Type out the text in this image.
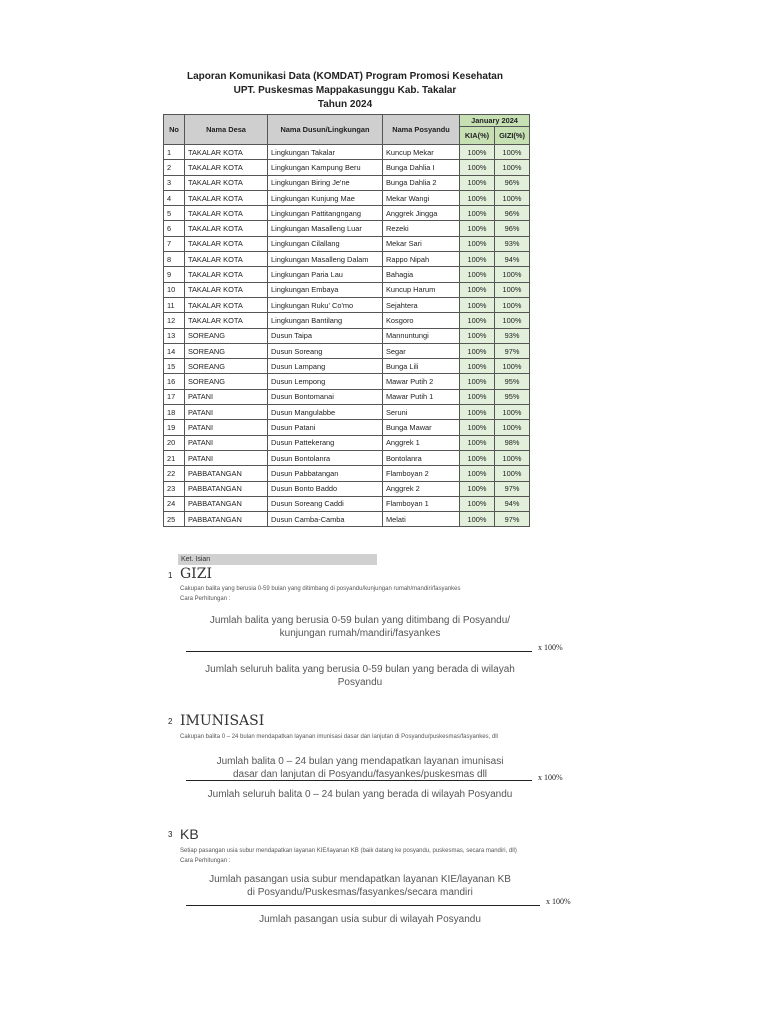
Laporan Komunikasi Data (KOMDAT) Program Promosi Kesehatan
UPT. Puskesmas Mappakasunggu Kab. Takalar
Tahun 2024
No	Nama Desa	Nama Dusun/Lingkungan	Nama Posyandu	January 2024	
				KIA(%)	GIZI(%)
1	TAKALAR KOTA	Lingkungan Takalar	Kuncup Mekar	100%	100%
2	TAKALAR KOTA	Lingkungan Kampung Beru	Bunga Dahlia I	100%	100%
3	TAKALAR KOTA	Lingkungan Biring Je'ne	Bunga Dahlia 2	100%	96%
4	TAKALAR KOTA	Lingkungan Kunjung Mae	Mekar Wangi	100%	100%
5	TAKALAR KOTA	Lingkungan Pattitangngang	Anggrek Jingga	100%	96%
6	TAKALAR KOTA	Lingkungan Masalleng Luar	Rezeki	100%	96%
7	TAKALAR KOTA	Lingkungan Cilallang	Mekar Sari	100%	93%
8	TAKALAR KOTA	Lingkungan Masalleng Dalam	Rappo Nipah	100%	94%
9	TAKALAR KOTA	Lingkungan Paria Lau	Bahagia	100%	100%
10	TAKALAR KOTA	Lingkungan Embaya	Kuncup Harum	100%	100%
11	TAKALAR KOTA	Lingkungan Ruku' Co'mo	Sejahtera	100%	100%
12	TAKALAR KOTA	Lingkungan Bantilang	Kosgoro	100%	100%
13	SOREANG	Dusun Taipa	Mannuntungi	100%	93%
14	SOREANG	Dusun Soreang	Segar	100%	97%
15	SOREANG	Dusun Lampang	Bunga Lili	100%	100%
16	SOREANG	Dusun Lempong	Mawar Putih 2	100%	95%
17	PATANI	Dusun Bontomanai	Mawar Putih 1	100%	95%
18	PATANI	Dusun Mangulabbe	Seruni	100%	100%
19	PATANI	Dusun Patani	Bunga Mawar	100%	100%
20	PATANI	Dusun Pattekerang	Anggrek 1	100%	98%
21	PATANI	Dusun Bontolanra	Bontolanra	100%	100%
22	PABBATANGAN	Dusun Pabbatangan	Flamboyan 2	100%	100%
23	PABBATANGAN	Dusun Bonto Baddo	Anggrek 2	100%	97%
24	PABBATANGAN	Dusun Soreang Caddi	Flamboyan 1	100%	94%
25	PABBATANGAN	Dusun Camba-Camba	Melati	100%	97%
Ket. Isian
1 GIZI
Cakupan balita yang berusia 0-59 bulan yang ditimbang di posyandu/kunjungan rumah/mandiri/fasyankes
Cara Perhitungan :
Jumlah balita yang berusia 0-59 bulan yang ditimbang di Posyandu/
kunjungan rumah/mandiri/fasyankes
x 100%
Jumlah seluruh balita yang berusia 0-59 bulan yang berada di wilayah
Posyandu
2 IMUNISASI
Cakupan balita 0 – 24 bulan mendapatkan layanan imunisasi dasar dan lanjutan di Posyandu/puskesmas/fasyankes, dll
Jumlah balita 0 – 24 bulan yang mendapatkan layanan imunisasi
dasar dan lanjutan di Posyandu/fasyankes/puskesmas dll	x 100%
Jumlah seluruh balita 0 – 24 bulan yang berada di wilayah Posyandu
3 KB
Setiap pasangan usia subur mendapatkan layanan KIE/layanan KB (baik datang ke posyandu, puskesmas, secara mandiri, dll)
Cara Perhitungan :
Jumlah pasangan usia subur mendapatkan layanan KIE/layanan KB
di Posyandu/Puskesmas/fasyankes/secara mandiri
x 100%
Jumlah pasangan usia subur di wilayah Posyandu
